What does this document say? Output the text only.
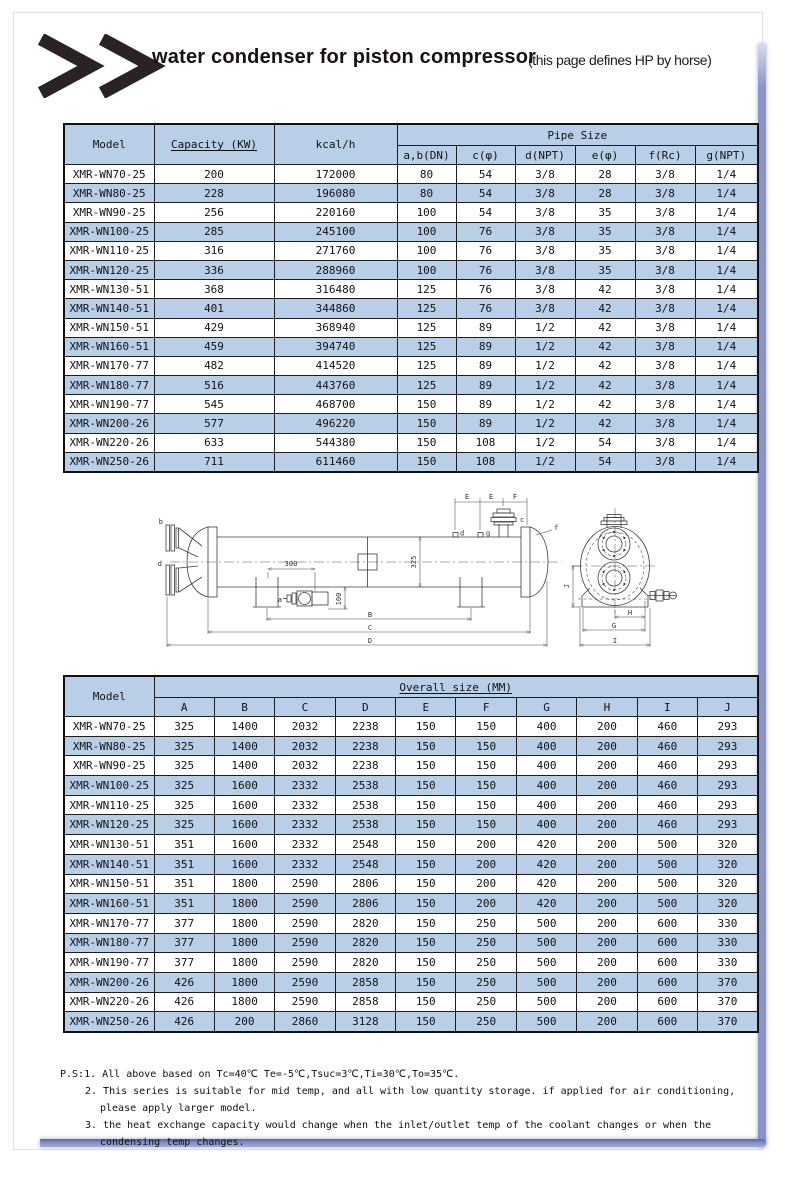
water condenser for piston compressor
(this page defines HP by horse)
Model	Capacity (KW)	kcal/h	Pipe Size					
			a,b(DN)	c(φ)	d(NPT)	e(φ)	f(Rc)	g(NPT)
XMR-WN70-25	200	172000	80	54	3/8	28	3/8	1/4
XMR-WN80-25	228	196080	80	54	3/8	28	3/8	1/4
XMR-WN90-25	256	220160	100	54	3/8	35	3/8	1/4
XMR-WN100-25	285	245100	100	76	3/8	35	3/8	1/4
XMR-WN110-25	316	271760	100	76	3/8	35	3/8	1/4
XMR-WN120-25	336	288960	100	76	3/8	35	3/8	1/4
XMR-WN130-51	368	316480	125	76	3/8	42	3/8	1/4
XMR-WN140-51	401	344860	125	76	3/8	42	3/8	1/4
XMR-WN150-51	429	368940	125	89	1/2	42	3/8	1/4
XMR-WN160-51	459	394740	125	89	1/2	42	3/8	1/4
XMR-WN170-77	482	414520	125	89	1/2	42	3/8	1/4
XMR-WN180-77	516	443760	125	89	1/2	42	3/8	1/4
XMR-WN190-77	545	468700	150	89	1/2	42	3/8	1/4
XMR-WN200-26	577	496220	150	89	1/2	42	3/8	1/4
XMR-WN220-26	633	544380	150	108	1/2	54	3/8	1/4
XMR-WN250-26	711	611460	150	108	1/2	54	3/8	1/4
b
d
a
300
100
325
d	g
c
E	E	F
f
B
C
D
H
G
I
J
Model	Overall size (MM)									
	A	B	C	D	E	F	G	H	I	J
XMR-WN70-25	325	1400	2032	2238	150	150	400	200	460	293
XMR-WN80-25	325	1400	2032	2238	150	150	400	200	460	293
XMR-WN90-25	325	1400	2032	2238	150	150	400	200	460	293
XMR-WN100-25	325	1600	2332	2538	150	150	400	200	460	293
XMR-WN110-25	325	1600	2332	2538	150	150	400	200	460	293
XMR-WN120-25	325	1600	2332	2538	150	150	400	200	460	293
XMR-WN130-51	351	1600	2332	2548	150	200	420	200	500	320
XMR-WN140-51	351	1600	2332	2548	150	200	420	200	500	320
XMR-WN150-51	351	1800	2590	2806	150	200	420	200	500	320
XMR-WN160-51	351	1800	2590	2806	150	200	420	200	500	320
XMR-WN170-77	377	1800	2590	2820	150	250	500	200	600	330
XMR-WN180-77	377	1800	2590	2820	150	250	500	200	600	330
XMR-WN190-77	377	1800	2590	2820	150	250	500	200	600	330
XMR-WN200-26	426	1800	2590	2858	150	250	500	200	600	370
XMR-WN220-26	426	1800	2590	2858	150	250	500	200	600	370
XMR-WN250-26	426	200	2860	3128	150	250	500	200	600	370
P.S:1. All above based on Tc=40℃ Te=-5℃,Tsuc=3℃,Ti=30℃,To=35℃.
2. This series is suitable for mid temp, and all with low quantity storage. if applied for air conditioning,
please apply larger model.
3. the heat exchange capacity would change when the inlet/outlet temp of the coolant changes or when the
condensing temp changes.
